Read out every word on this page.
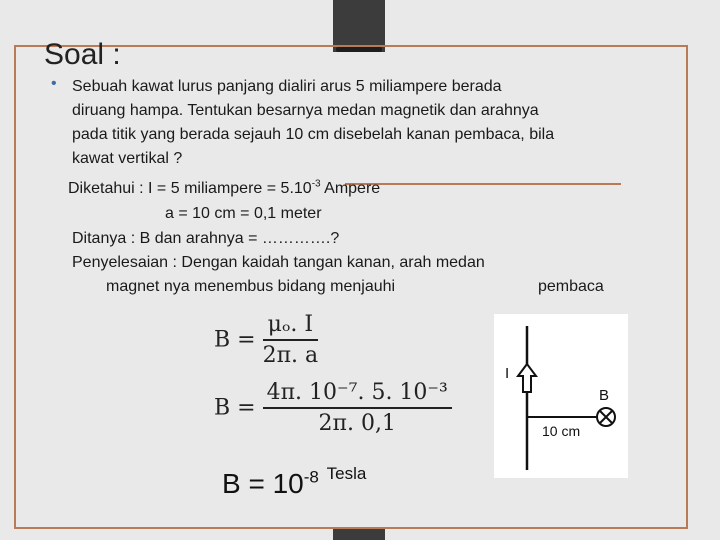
Soal :
• Sebuah kawat lurus panjang dialiri arus 5 miliampere berada
diruang hampa. Tentukan besarnya medan magnetik dan arahnya
pada titik yang berada sejauh 10 cm disebelah kanan pembaca, bila
kawat vertikal ?
Diketahui : I = 5 miliampere = $5.10^{-3}$ Ampere
a = 10 cm = 0,1 meter
Ditanya : B dan arahnya = ………….?
Penyelesaian : Dengan kaidah tangan kanan, arah medan
magnet nya menembus bidang menjauhi	pembaca
$B = \frac{\text{μₒ. I}}{2\pi. a}$
$B = \frac{\text{4π. 10⁻⁷. 5. 10⁻³}}{2\pi. 0,1}$
I
B
10 cm
$B = 10^{-8}$ $^{Tesla}$
